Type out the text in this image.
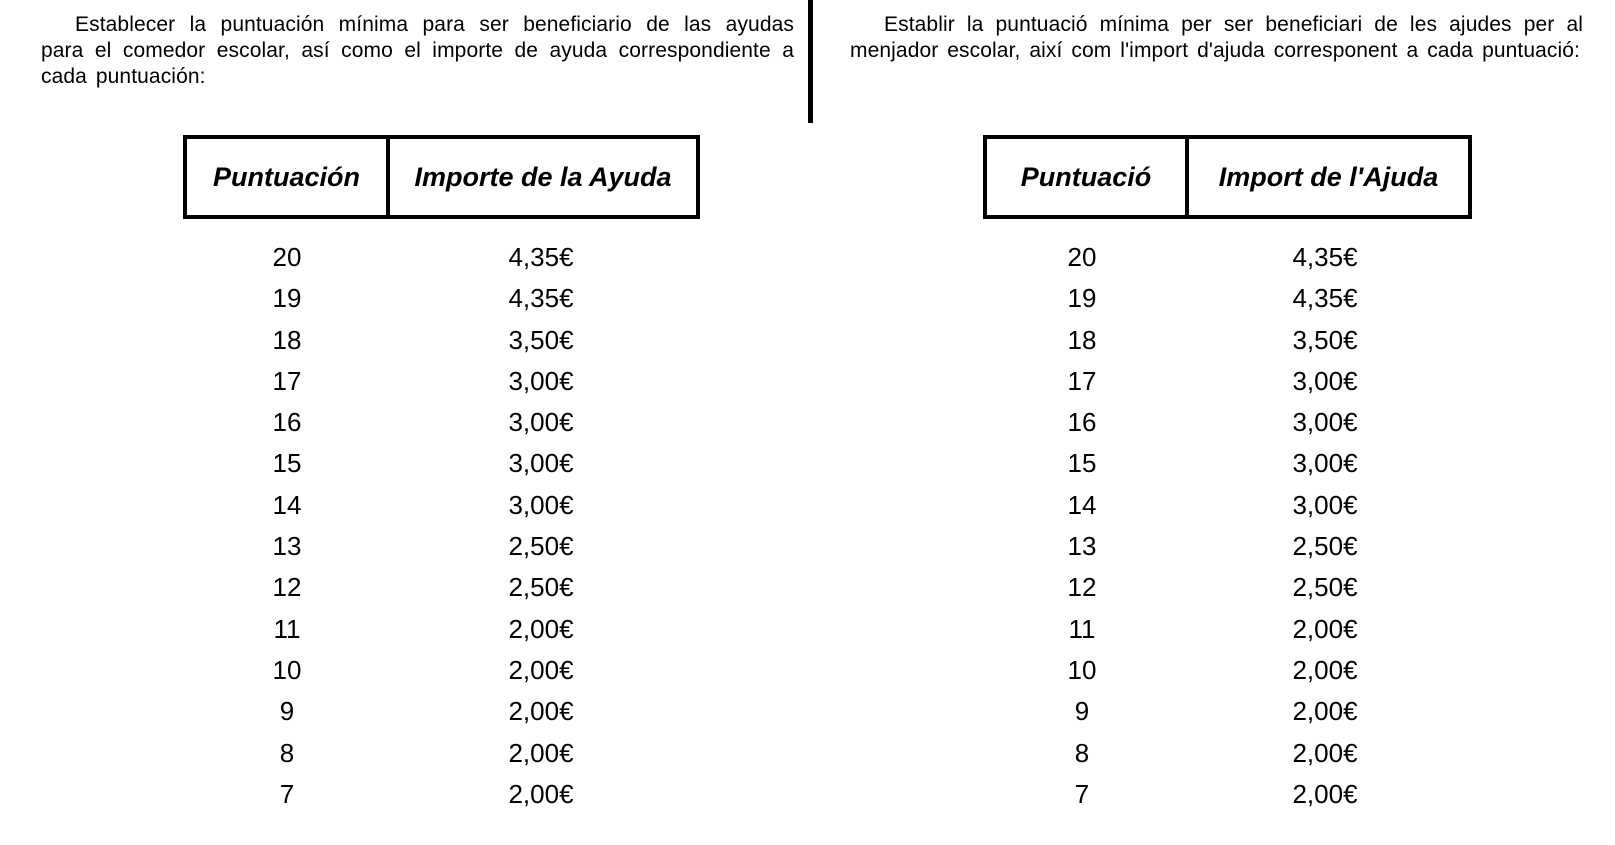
Establecer la puntuación mínima para ser beneficiario de las ayudas para el comedor escolar, así como el importe de ayuda correspondiente a cada puntuación:
Establir la puntuació mínima per ser beneficiari de les ajudes per al menjador escolar, així com l'import d'ajuda corresponent a cada puntuació:
Puntuación	Importe de la Ayuda	Puntuació	Import de l'Ajuda
20	4,35€
19	4,35€
18	3,50€
17	3,00€
16	3,00€
15	3,00€
14	3,00€
13	2,50€
12	2,50€
11	2,00€
10	2,00€
9	2,00€
8	2,00€
7	2,00€
20	4,35€
19	4,35€
18	3,50€
17	3,00€
16	3,00€
15	3,00€
14	3,00€
13	2,50€
12	2,50€
11	2,00€
10	2,00€
9	2,00€
8	2,00€
7	2,00€
